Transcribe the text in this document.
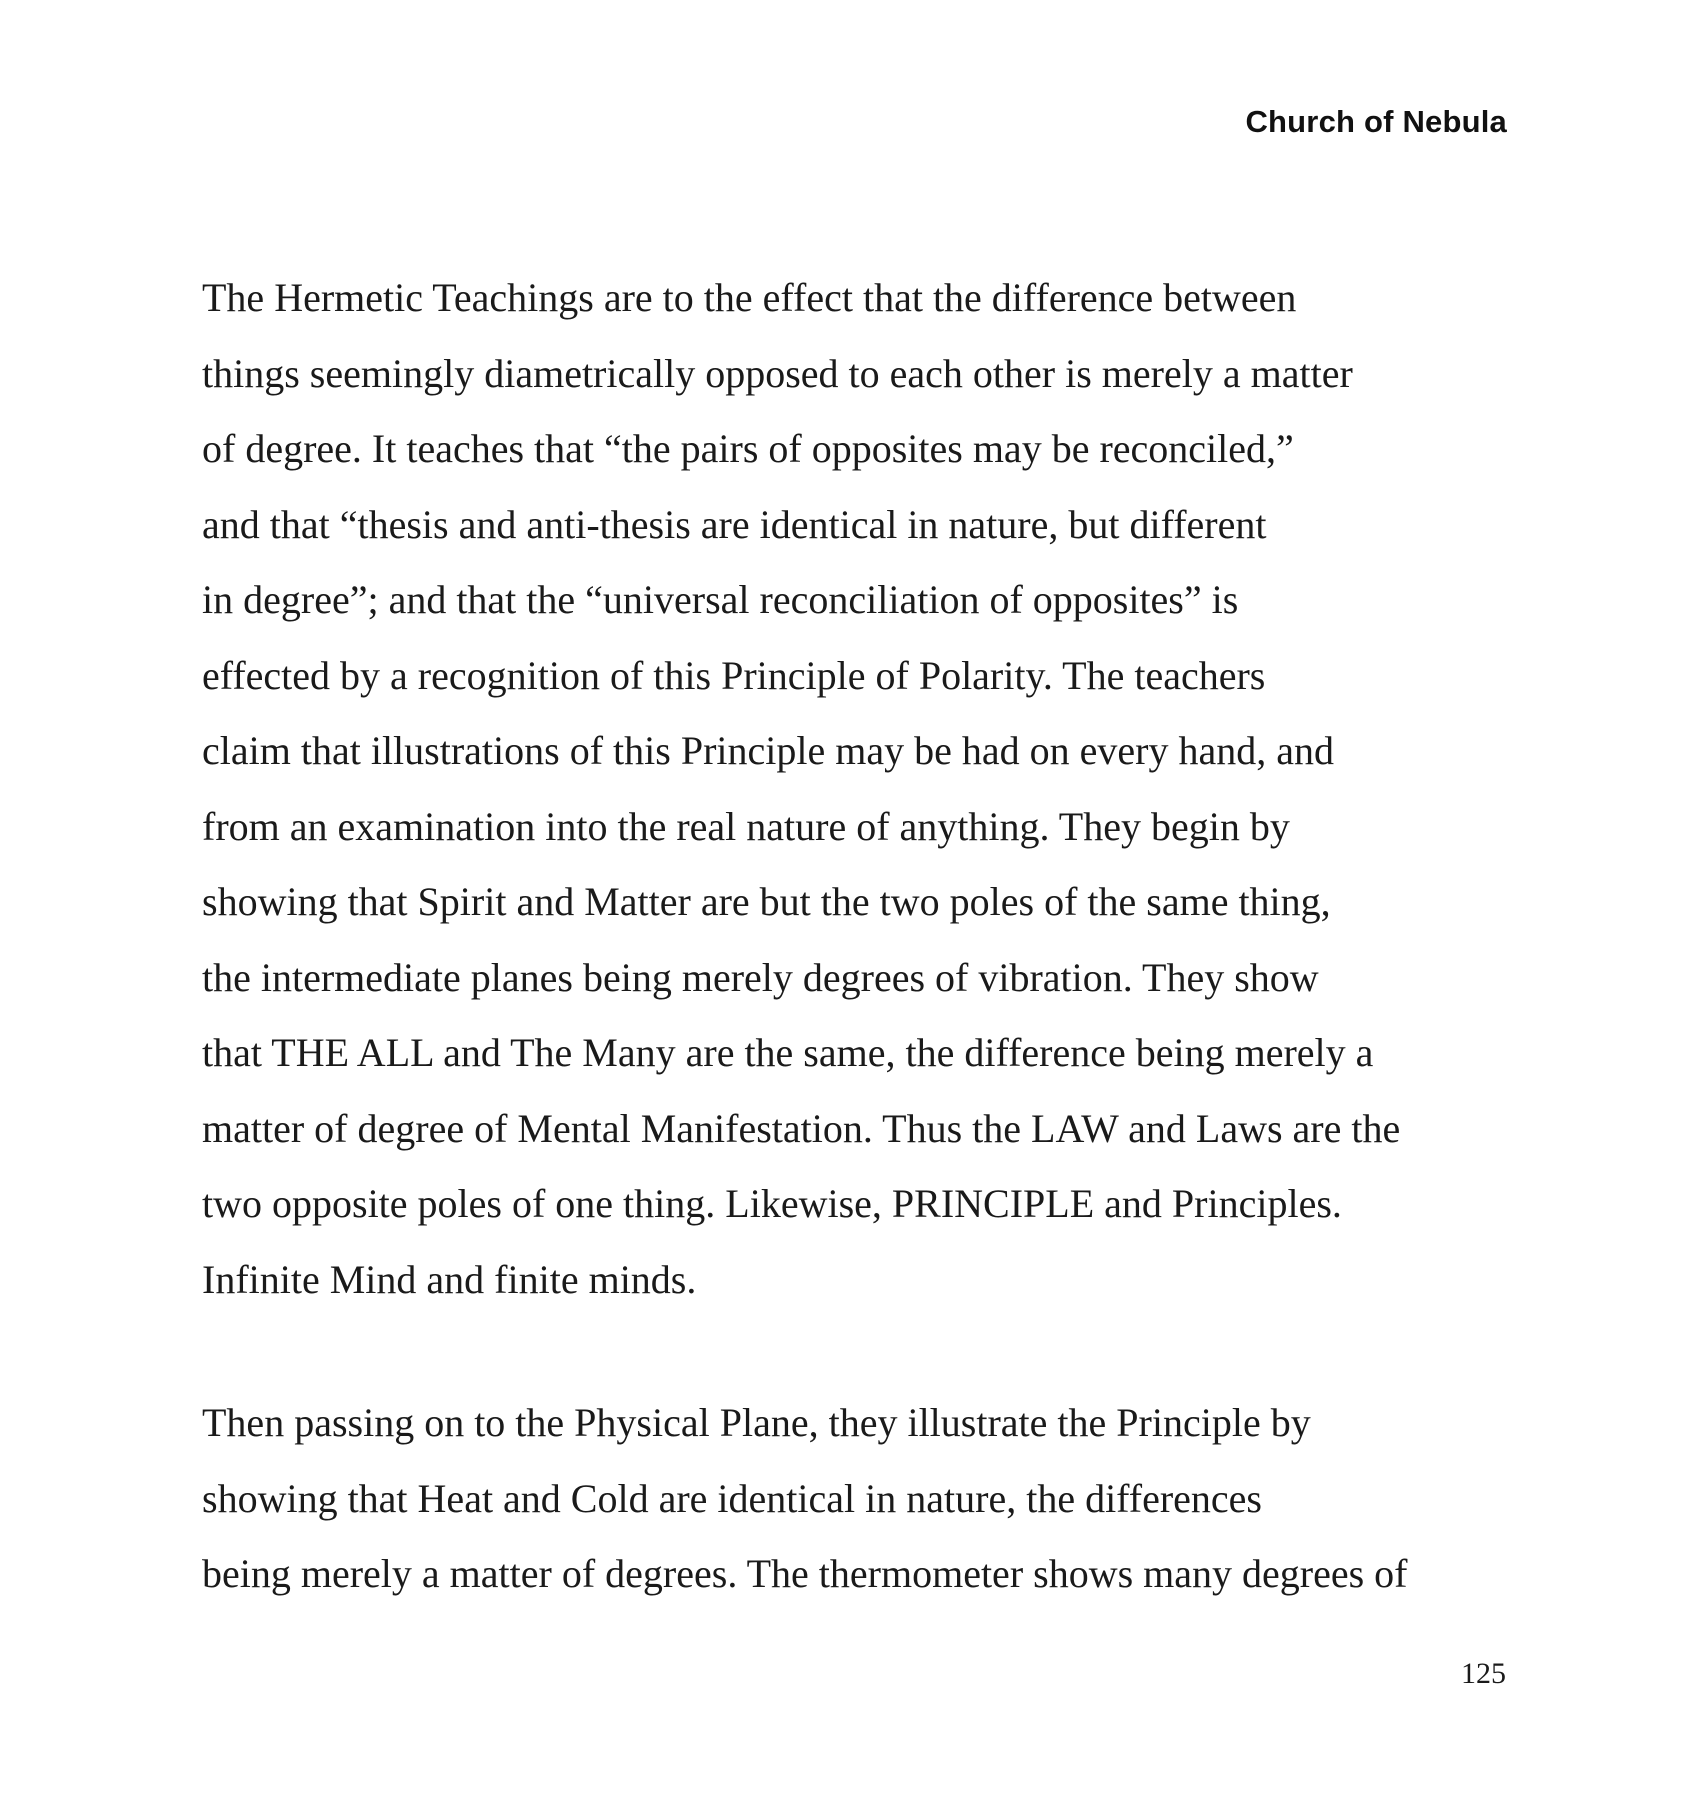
Church of Nebula
The Hermetic Teachings are to the effect that the difference between
things seemingly diametrically opposed to each other is merely a matter
of degree. It teaches that “the pairs of opposites may be reconciled,”
and that “thesis and anti-thesis are identical in nature, but different
in degree”; and that the “universal reconciliation of opposites” is
effected by a recognition of this Principle of Polarity. The teachers
claim that illustrations of this Principle may be had on every hand, and
from an examination into the real nature of anything. They begin by
showing that Spirit and Matter are but the two poles of the same thing,
the intermediate planes being merely degrees of vibration. They show
that THE ALL and The Many are the same, the difference being merely a
matter of degree of Mental Manifestation. Thus the LAW and Laws are the
two opposite poles of one thing. Likewise, PRINCIPLE and Principles.
Infinite Mind and finite minds.
Then passing on to the Physical Plane, they illustrate the Principle by
showing that Heat and Cold are identical in nature, the differences
being merely a matter of degrees. The thermometer shows many degrees of
125
